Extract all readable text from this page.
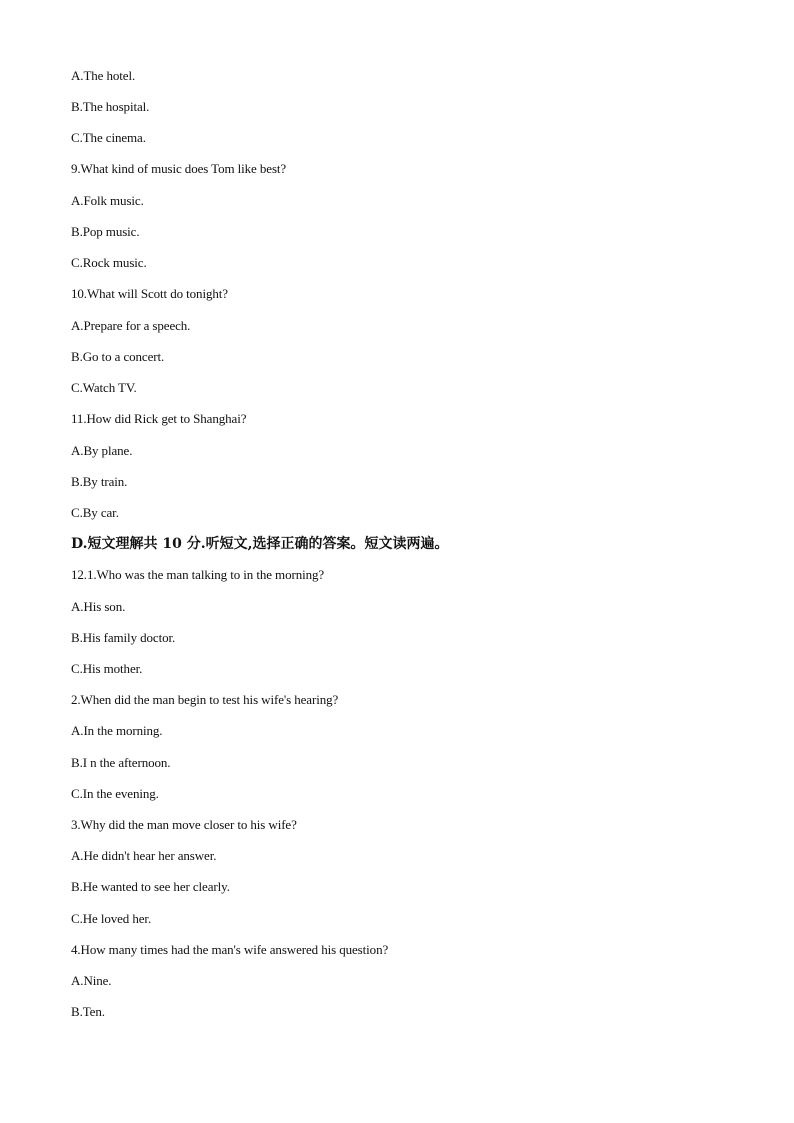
A.The hotel.
B.The hospital.
C.The cinema.
9.What kind of music does Tom like best?
A.Folk music.
B.Pop music.
C.Rock music.
10.What will Scott do tonight?
A.Prepare for a speech.
B.Go to a concert.
C.Watch TV.
11.How did Rick get to Shanghai?
A.By plane.
B.By train.
C.By car.
D.短文理解共 10 分.听短文,选择正确的答案。短文读两遍。
12.1.Who was the man talking to in the morning?
A.His son.
B.His family doctor.
C.His mother.
2.When did the man begin to test his wife's hearing?
A.In the morning.
B.I n the afternoon.
C.In the evening.
3.Why did the man move closer to his wife?
A.He didn't hear her answer.
B.He wanted to see her clearly.
C.He loved her.
4.How many times had the man's wife answered his question?
A.Nine.
B.Ten.
